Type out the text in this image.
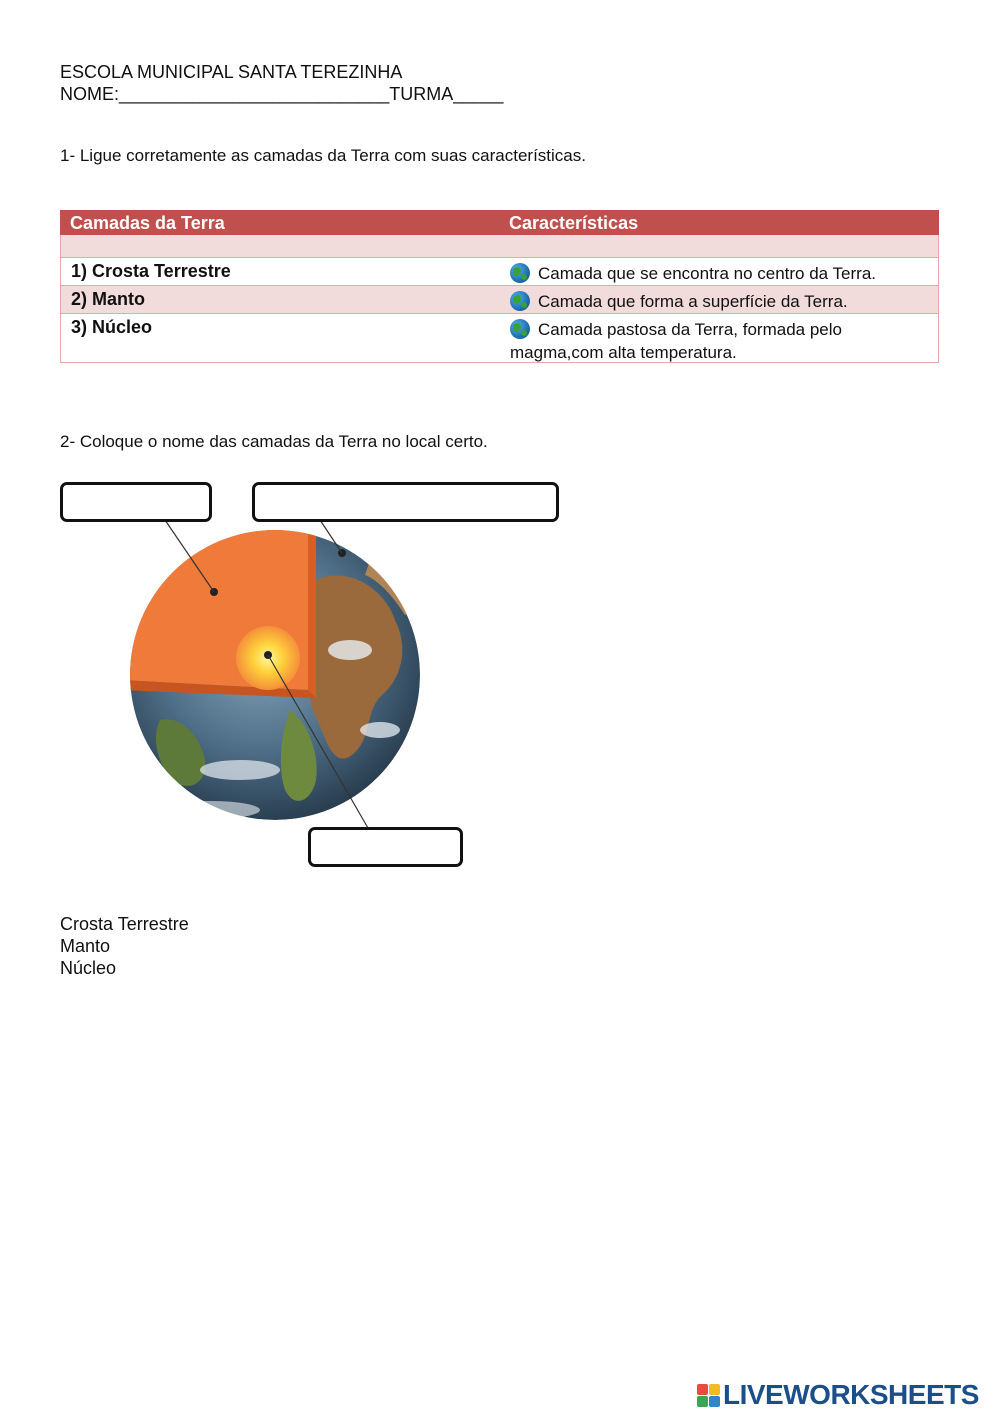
ESCOLA MUNICIPAL SANTA TEREZINHA
NOME:___________________________TURMA_____
1- Ligue corretamente as camadas da Terra com suas características.
Camadas da Terra	Características
1) Crosta Terrestre	Camada que se encontra no centro da Terra.
2) Manto	Camada que forma a superfície da Terra.
3) Núcleo	Camada pastosa da Terra, formada pelo magma,com alta temperatura.
2- Coloque o nome das camadas da Terra no local certo.
Crosta Terrestre
Manto
Núcleo
LIVEWORKSHEETS
